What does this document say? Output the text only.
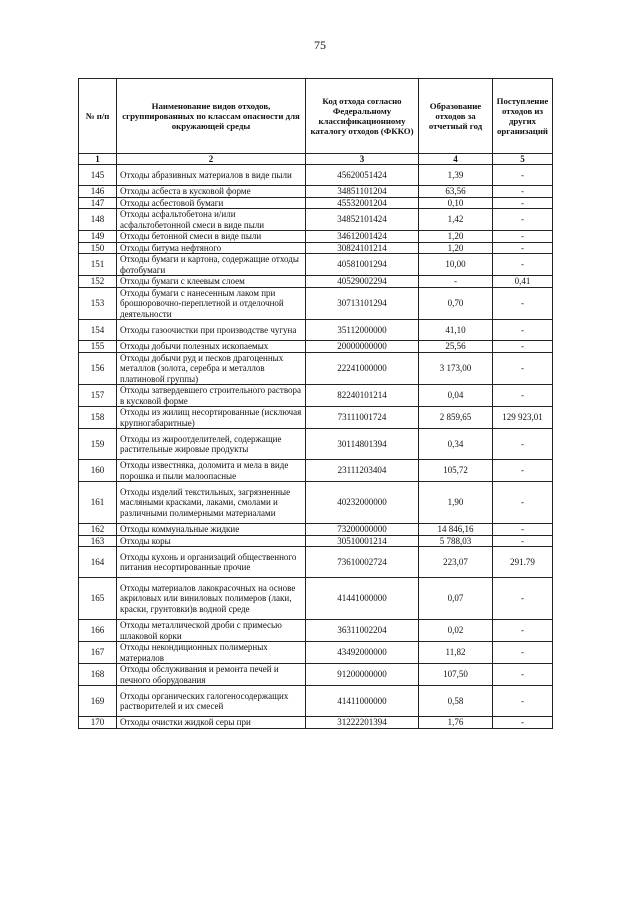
75
№ п/п	Наименование видов отходов, сгруппированных по классам опасности для окружающей среды	Код отхода согласно Федеральному классификационному каталогу отходов (ФККО)	Образование отходов за отчетный год	Поступление отходов из других организаций
1	2	3	4	5
145	Отходы абразивных материалов в виде пыли	45620051424	1,39	-
146	Отходы асбеста в кусковой форме	34851101204	63,56	-
147	Отходы асбестовой бумаги	45532001204	0,10	-
148	Отходы асфальтобетона и/или асфальтобетонной смеси в виде пыли	34852101424	1,42	-
149	Отходы бетонной смеси в виде пыли	34612001424	1,20	-
150	Отходы битума нефтяного	30824101214	1,20	-
151	Отходы бумаги и картона, содержащие отходы фотобумаги	40581001294	10,00	-
152	Отходы бумаги с клеевым слоем	40529002294	-	0,41
153	Отходы бумаги с нанесенным лаком при брошюровочно-переплетной и отделочной деятельности	30713101294	0,70	-
154	Отходы газоочистки при производстве чугуна	35112000000	41,10	-
155	Отходы добычи полезных ископаемых	20000000000	25,56	-
156	Отходы добычи руд и песков драгоценных металлов (золота, серебра и металлов платиновой группы)	22241000000	3 173,00	-
157	Отходы затвердевшего строительного раствора в кусковой форме	82240101214	0,04	-
158	Отходы из жилищ несортированные (исключая крупногабаритные)	73111001724	2 859,65	129 923,01
159	Отходы из жироотделителей, содержащие растительные жировые продукты	30114801394	0,34	-
160	Отходы известняка, доломита и мела в виде порошка и пыли малоопасные	23111203404	105,72	-
161	Отходы изделий текстильных, загрязненные масляными красками, лаками, смолами и различными полимерными материалами	40232000000	1,90	-
162	Отходы коммунальные жидкие	73200000000	14 846,16	-
163	Отходы коры	30510001214	5 788,03	-
164	Отходы кухонь и организаций общественного питания несортированные прочие	73610002724	223,07	291.79
165	Отходы материалов лакокрасочных на основе акриловых или виниловых полимеров (лаки, краски, грунтовки)в водной среде	41441000000	0,07	-
166	Отходы металлической дроби с примесью шлаковой корки	36311002204	0,02	-
167	Отходы некондиционных полимерных материалов	43492000000	11,82	-
168	Отходы обслуживания и ремонта печей и печного оборудования	91200000000	107,50	-
169	Отходы органических галогеносодержащих растворителей и их смесей	41411000000	0,58	-
170	Отходы очистки жидкой серы при	31222201394	1,76	-
